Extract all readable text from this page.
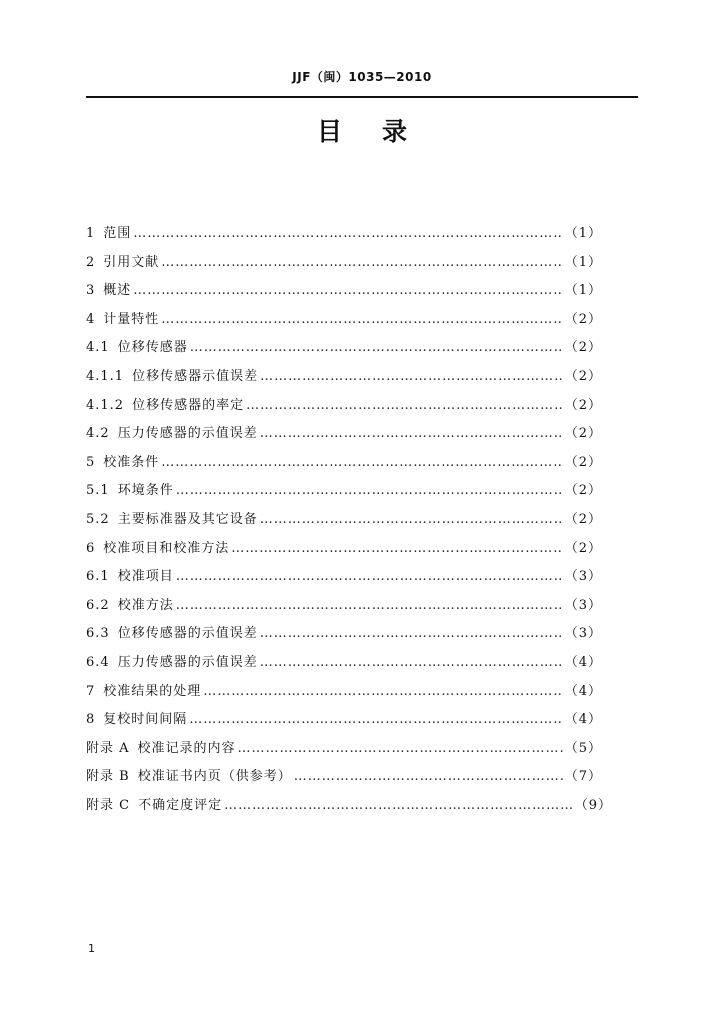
JJF（闽）1035—2010
目录
1 范围 ………………………………………………………………………………………………………………………………………………………………	（1）
2 引用文献 ………………………………………………………………………………………………………………………………………………………………	（1）
3 概述 ………………………………………………………………………………………………………………………………………………………………	（1）
4 计量特性 ………………………………………………………………………………………………………………………………………………………………	（2）
4.1 位移传感器 ………………………………………………………………………………………………………………………………………………………………	（2）
4.1.1 位移传感器示值误差 ………………………………………………………………………………………………………………………………………………………………	（2）
4.1.2 位移传感器的率定 ………………………………………………………………………………………………………………………………………………………………	（2）
4.2 压力传感器的示值误差 ………………………………………………………………………………………………………………………………………………………………	（2）
5 校准条件 ………………………………………………………………………………………………………………………………………………………………	（2）
5.1 环境条件 ………………………………………………………………………………………………………………………………………………………………	（2）
5.2 主要标准器及其它设备 ………………………………………………………………………………………………………………………………………………………………	（2）
6 校准项目和校准方法 ………………………………………………………………………………………………………………………………………………………………	（2）
6.1 校准项目 ………………………………………………………………………………………………………………………………………………………………	（3）
6.2 校准方法 ………………………………………………………………………………………………………………………………………………………………	（3）
6.3 位移传感器的示值误差 ………………………………………………………………………………………………………………………………………………………………	（3）
6.4 压力传感器的示值误差 ………………………………………………………………………………………………………………………………………………………………	（4）
7 校准结果的处理 ………………………………………………………………………………………………………………………………………………………………	（4）
8 复校时间间隔 ………………………………………………………………………………………………………………………………………………………………	（4）
附录 A 校准记录的内容 ………………………………………………………………………………………………………………………………………………………………	（5）
附录 B 校准证书内页（供参考） ………………………………………………………………………………………………………………………………………………………………	（7）
附录 C 不确定度评定 ………………………………………………………………………………………………………………………………………………………………	（9）
1
